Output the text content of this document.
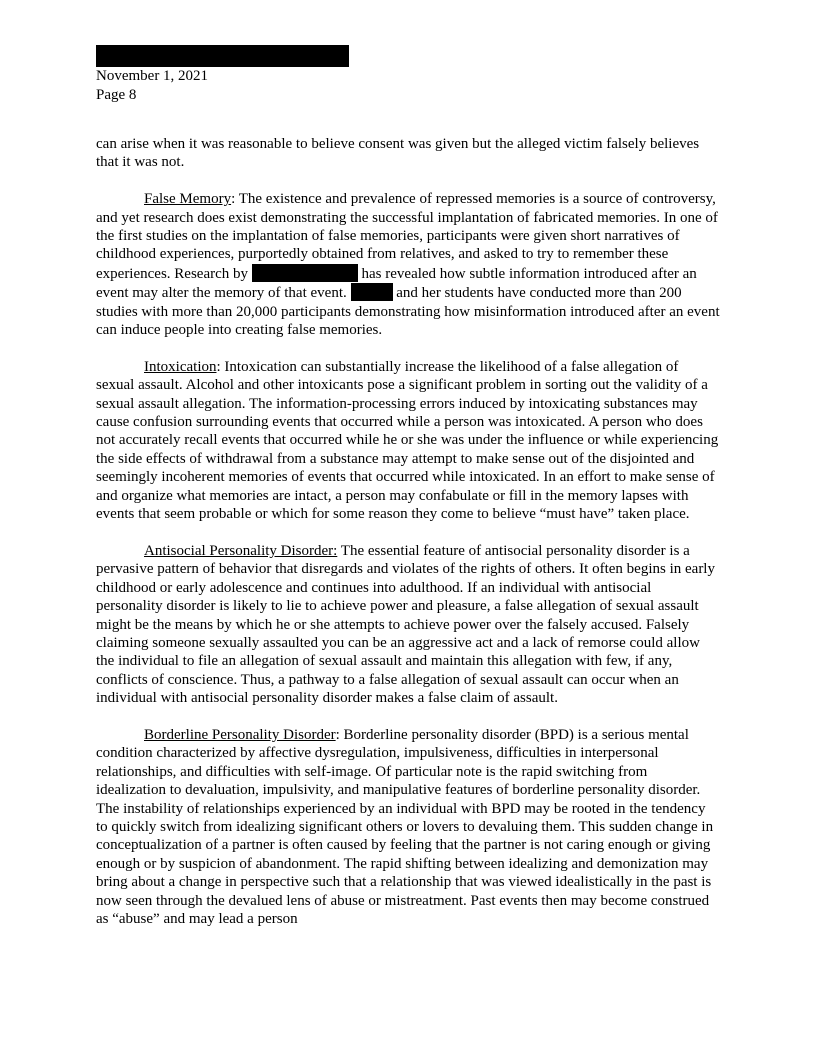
November 1, 2021
Page 8

can arise when it was reasonable to believe consent was given but the alleged victim falsely believes that it was not.

False Memory: The existence and prevalence of repressed memories is a source of controversy, and yet research does exist demonstrating the successful implantation of fabricated memories. In one of the first studies on the implantation of false memories, participants were given short narratives of childhood experiences, purportedly obtained from relatives, and asked to try to remember these experiences. Research by	has revealed how subtle information introduced after an event may alter the memory of that event.	and her students have conducted more than 200 studies with more than 20,000 participants demonstrating how misinformation introduced after an event can induce people into creating false memories.

Intoxication: Intoxication can substantially increase the likelihood of a false allegation of sexual assault. Alcohol and other intoxicants pose a significant problem in sorting out the validity of a sexual assault allegation. The information-processing errors induced by intoxicating substances may cause confusion surrounding events that occurred while a person was intoxicated. A person who does not accurately recall events that occurred while he or she was under the influence or while experiencing the side effects of withdrawal from a substance may attempt to make sense out of the disjointed and seemingly incoherent memories of events that occurred while intoxicated. In an effort to make sense of and organize what memories are intact, a person may confabulate or fill in the memory lapses with events that seem probable or which for some reason they come to believe “must have” taken place.

Antisocial Personality Disorder: The essential feature of antisocial personality disorder is a pervasive pattern of behavior that disregards and violates of the rights of others. It often begins in early childhood or early adolescence and continues into adulthood. If an individual with antisocial personality disorder is likely to lie to achieve power and pleasure, a false allegation of sexual assault might be the means by which he or she attempts to achieve power over the falsely accused. Falsely claiming someone sexually assaulted you can be an aggressive act and a lack of remorse could allow the individual to file an allegation of sexual assault and maintain this allegation with few, if any, conflicts of conscience. Thus, a pathway to a false allegation of sexual assault can occur when an individual with antisocial personality disorder makes a false claim of assault.

Borderline Personality Disorder: Borderline personality disorder (BPD) is a serious mental condition characterized by affective dysregulation, impulsiveness, difficulties in interpersonal relationships, and difficulties with self-image. Of particular note is the rapid switching from idealization to devaluation, impulsivity, and manipulative features of borderline personality disorder. The instability of relationships experienced by an individual with BPD may be rooted in the tendency to quickly switch from idealizing significant others or lovers to devaluing them. This sudden change in conceptualization of a partner is often caused by feeling that the partner is not caring enough or giving enough or by suspicion of abandonment. The rapid shifting between idealizing and demonization may bring about a change in perspective such that a relationship that was viewed idealistically in the past is now seen through the devalued lens of abuse or mistreatment. Past events then may become construed as “abuse” and may lead a person
